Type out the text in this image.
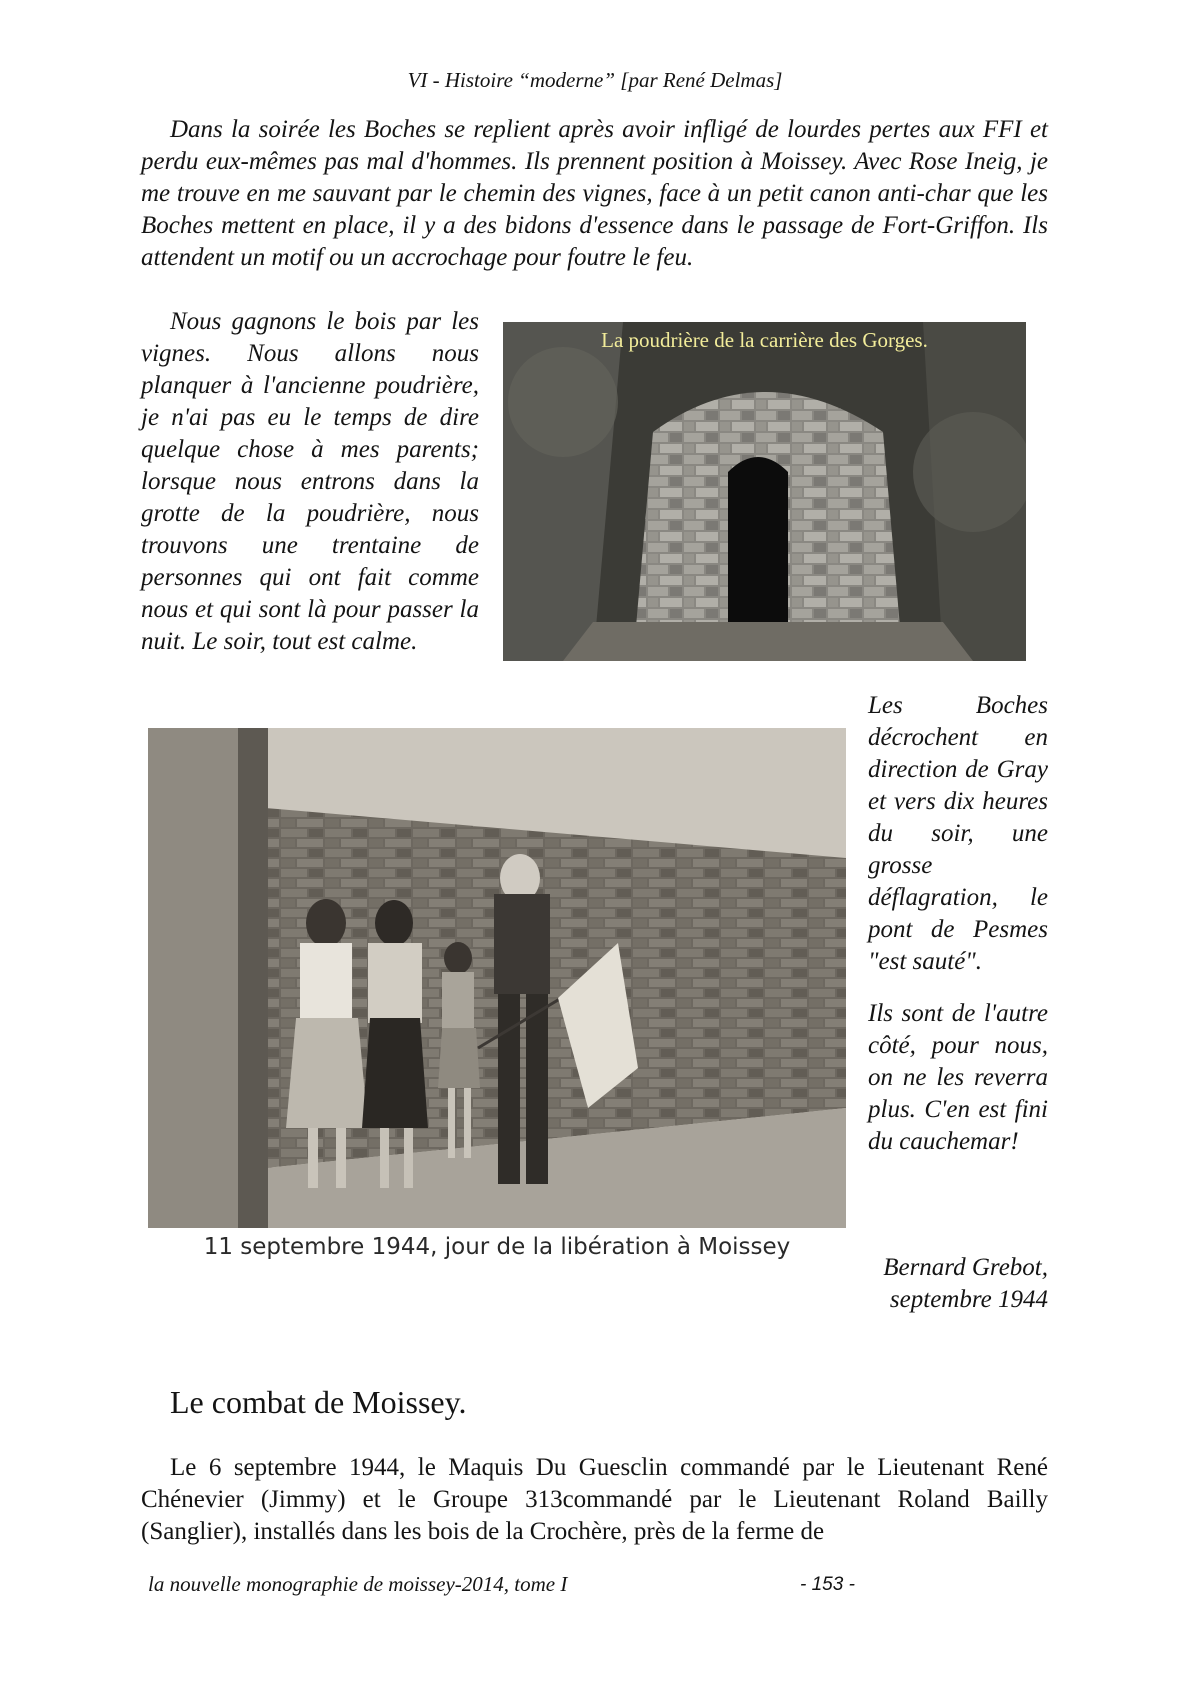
VI - Histoire “moderne” [par René Delmas]

Dans la soirée les Boches se replient après avoir infligé de lourdes pertes aux FFI et perdu eux-mêmes pas mal d'hommes. Ils prennent position à Moissey. Avec Rose Ineig, je me trouve en me sauvant par le chemin des vignes, face à un petit canon anti-char que les Boches mettent en place, il y a des bidons d'essence dans le passage de Fort-Griffon. Ils attendent un motif ou un accrochage pour foutre le feu.

Nous gagnons le bois par les vignes. Nous allons nous planquer à l'ancienne poudrière, je n'ai pas eu le temps de dire quelque chose à mes parents; lorsque nous entrons dans la grotte de la poudrière, nous trouvons une trentaine de personnes qui ont fait comme nous et qui sont là pour passer la nuit. Le soir, tout est calme.

La poudrière de la carrière des Gorges.
11 septembre 1944, jour de la libération à Moissey

Les Boches décrochent en direction de Gray et vers dix heures du soir, une grosse déflagration, le pont de Pesmes "est sauté".

Ils sont de l'autre côté, pour nous, on ne les reverra plus. C'en est fini du cauchemar!

Bernard Grebot, septembre 1944
Le combat de Moissey.

Le 6 septembre 1944, le Maquis Du Guesclin commandé par le Lieutenant René Chénevier (Jimmy) et le Groupe 313commandé par le Lieutenant Roland Bailly (Sanglier), installés dans les bois de la Crochère, près de la ferme de

la nouvelle monographie de moissey-2014, tome I	- 153 -
